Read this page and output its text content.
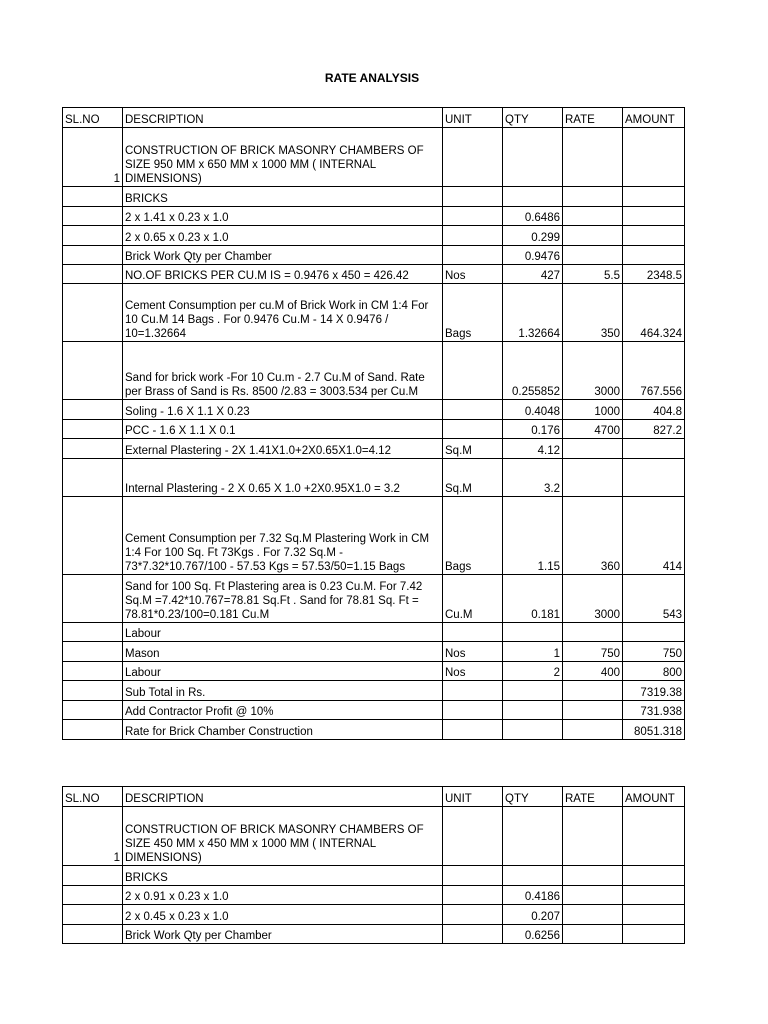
RATE ANALYSIS
SL.NO	DESCRIPTION	UNIT	QTY	RATE	AMOUNT
1	CONSTRUCTION OF BRICK MASONRY CHAMBERS OF SIZE 950 MM x 650 MM x 1000 MM ( INTERNAL DIMENSIONS)				
	BRICKS				
	2 x 1.41 x 0.23 x 1.0		0.6486		
	2 x 0.65 x 0.23 x 1.0		0.299		
	Brick Work Qty per Chamber		0.9476		
	NO.OF BRICKS PER CU.M IS = 0.9476 x 450 = 426.42	Nos	427	5.5	2348.5
	Cement Consumption per cu.M of Brick Work in CM 1:4 For 10 Cu.M 14 Bags . For 0.9476 Cu.M - 14 X 0.9476 / 10=1.32664	Bags	1.32664	350	464.324
	Sand for brick work -For 10 Cu.m - 2.7 Cu.M of Sand. Rate per Brass of Sand is Rs. 8500 /2.83 = 3003.534 per Cu.M		0.255852	3000	767.556
	Soling - 1.6 X 1.1 X 0.23		0.4048	1000	404.8
	PCC - 1.6 X 1.1 X 0.1		0.176	4700	827.2
	External Plastering - 2X 1.41X1.0+2X0.65X1.0=4.12	Sq.M	4.12		
	Internal Plastering - 2 X 0.65 X 1.0 +2X0.95X1.0 = 3.2	Sq.M	3.2		
	Cement Consumption per 7.32 Sq.M Plastering Work in CM 1:4 For 100 Sq. Ft 73Kgs . For 7.32 Sq.M - 73*7.32*10.767/100 - 57.53 Kgs = 57.53/50=1.15 Bags	Bags	1.15	360	414
	Sand for 100 Sq. Ft Plastering area is 0.23 Cu.M. For 7.42 Sq.M =7.42*10.767=78.81 Sq.Ft . Sand for 78.81 Sq. Ft = 78.81*0.23/100=0.181 Cu.M	Cu.M	0.181	3000	543
	Labour				
	Mason	Nos	1	750	750
	Labour	Nos	2	400	800
	Sub Total in Rs.				7319.38
	Add Contractor Profit @ 10%				731.938
	Rate for Brick Chamber Construction				8051.318
SL.NO	DESCRIPTION	UNIT	QTY	RATE	AMOUNT
1	CONSTRUCTION OF BRICK MASONRY CHAMBERS OF SIZE 450 MM x 450 MM x 1000 MM ( INTERNAL DIMENSIONS)				
	BRICKS				
	2 x 0.91 x 0.23 x 1.0		0.4186		
	2 x 0.45 x 0.23 x 1.0		0.207		
	Brick Work Qty per Chamber		0.6256		
